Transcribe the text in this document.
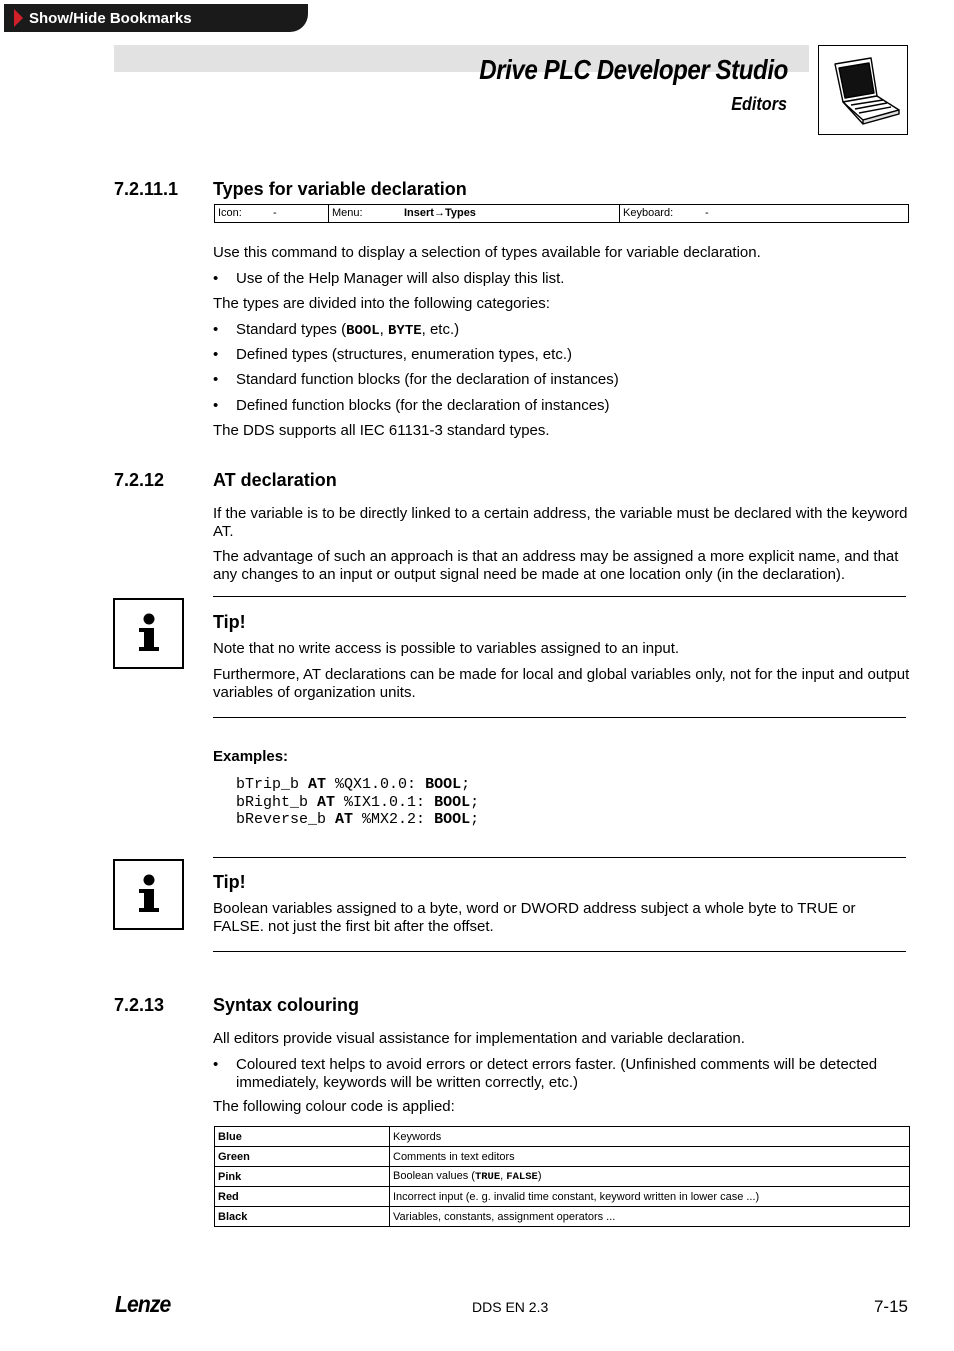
Show/Hide Bookmarks
Drive PLC Developer Studio
Editors
7.2.11.1 Types for variable declaration
Icon:	-	Menu:	Insert→Types	Keyboard:	-
Use this command to display a selection of types available for variable declaration.
• Use of the Help Manager will also display this list.
The types are divided into the following categories:
• Standard types (BOOL, BYTE, etc.)
• Defined types (structures, enumeration types, etc.)
• Standard function blocks (for the declaration of instances)
• Defined function blocks (for the declaration of instances)
The DDS supports all IEC 61131-3 standard types.
7.2.12	AT declaration
If the variable is to be directly linked to a certain address, the variable must be declared with the keyword AT.
The advantage of such an approach is that an address may be assigned a more explicit name, and that any changes to an input or output signal need be made at one location only (in the declaration).
Tip!
Note that no write access is possible to variables assigned to an input.
Furthermore, AT declarations can be made for local and global variables only, not for the input and output variables of organization units.
Examples:
bTrip_b AT %QX1.0.0: BOOL;
bRight_b AT %IX1.0.1: BOOL;
bReverse_b AT %MX2.2: BOOL;
Tip!
Boolean variables assigned to a byte, word or DWORD address subject a whole byte to TRUE or FALSE. not just the first bit after the offset.
7.2.13	Syntax colouring
All editors provide visual assistance for implementation and variable declaration.
• Coloured text helps to avoid errors or detect errors faster. (Unfinished comments will be detected immediately, keywords will be written correctly, etc.)
The following colour code is applied:
Blue	Keywords
Green	Comments in text editors
Pink	Boolean values (TRUE, FALSE)
Red	Incorrect input (e. g. invalid time constant, keyword written in lower case ...)
Black	Variables, constants, assignment operators ...
Lenze	DDS EN 2.3	7-15
